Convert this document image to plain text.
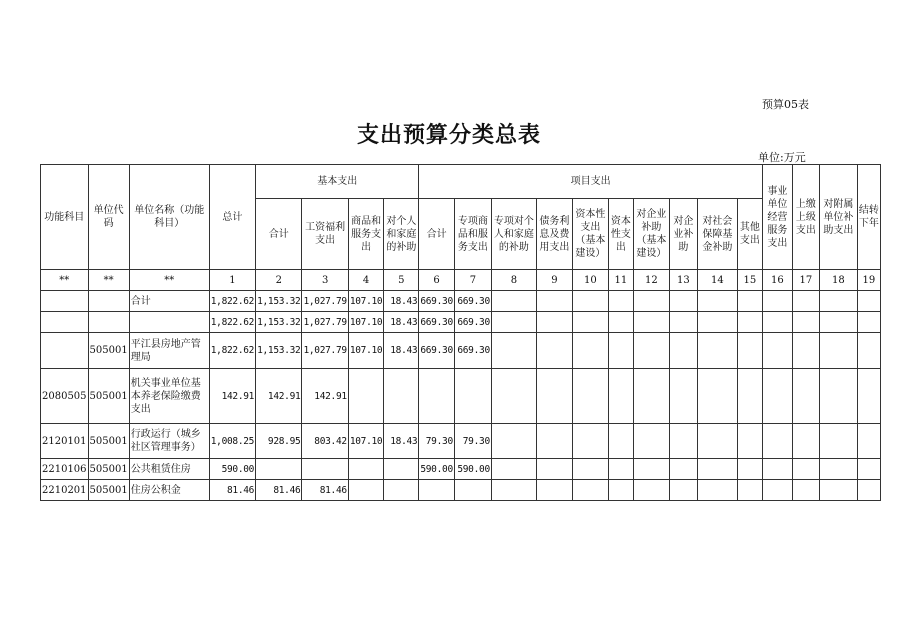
预算05表
支出预算分类总表
单位:万元
功能科目	单位代码	单位名称（功能科目）	总计	基本支出				项目支出										事业单位经营服务支出	上缴上级支出	对附属单位补助支出	结转下年
				合计	工资福利支出	商品和服务支出	对个人和家庭的补助	合计	专项商品和服务支出	专项对个人和家庭的补助	债务利息及费用支出	资本性支出（基本建设）	资本性支出	对企业补助（基本建设）	对企业补助	对社会保障基金补助	其他支出				
**	**	**	1	2	3	4	5	6	7	8	9	10	11	12	13	14	15	16	17	18	19
		合计	1,822.62	1,153.32	1,027.79	107.10	18.43	669.30	669.30												
			1,822.62	1,153.32	1,027.79	107.10	18.43	669.30	669.30												
	505001	平江县房地产管理局	1,822.62	1,153.32	1,027.79	107.10	18.43	669.30	669.30												
2080505	505001	机关事业单位基本养老保险缴费支出	142.91	142.91	142.91																
2120101	505001	行政运行（城乡社区管理事务）	1,008.25	928.95	803.42	107.10	18.43	79.30	79.30												
2210106	505001	公共租赁住房	590.00					590.00	590.00												
2210201	505001	住房公积金	81.46	81.46	81.46																
